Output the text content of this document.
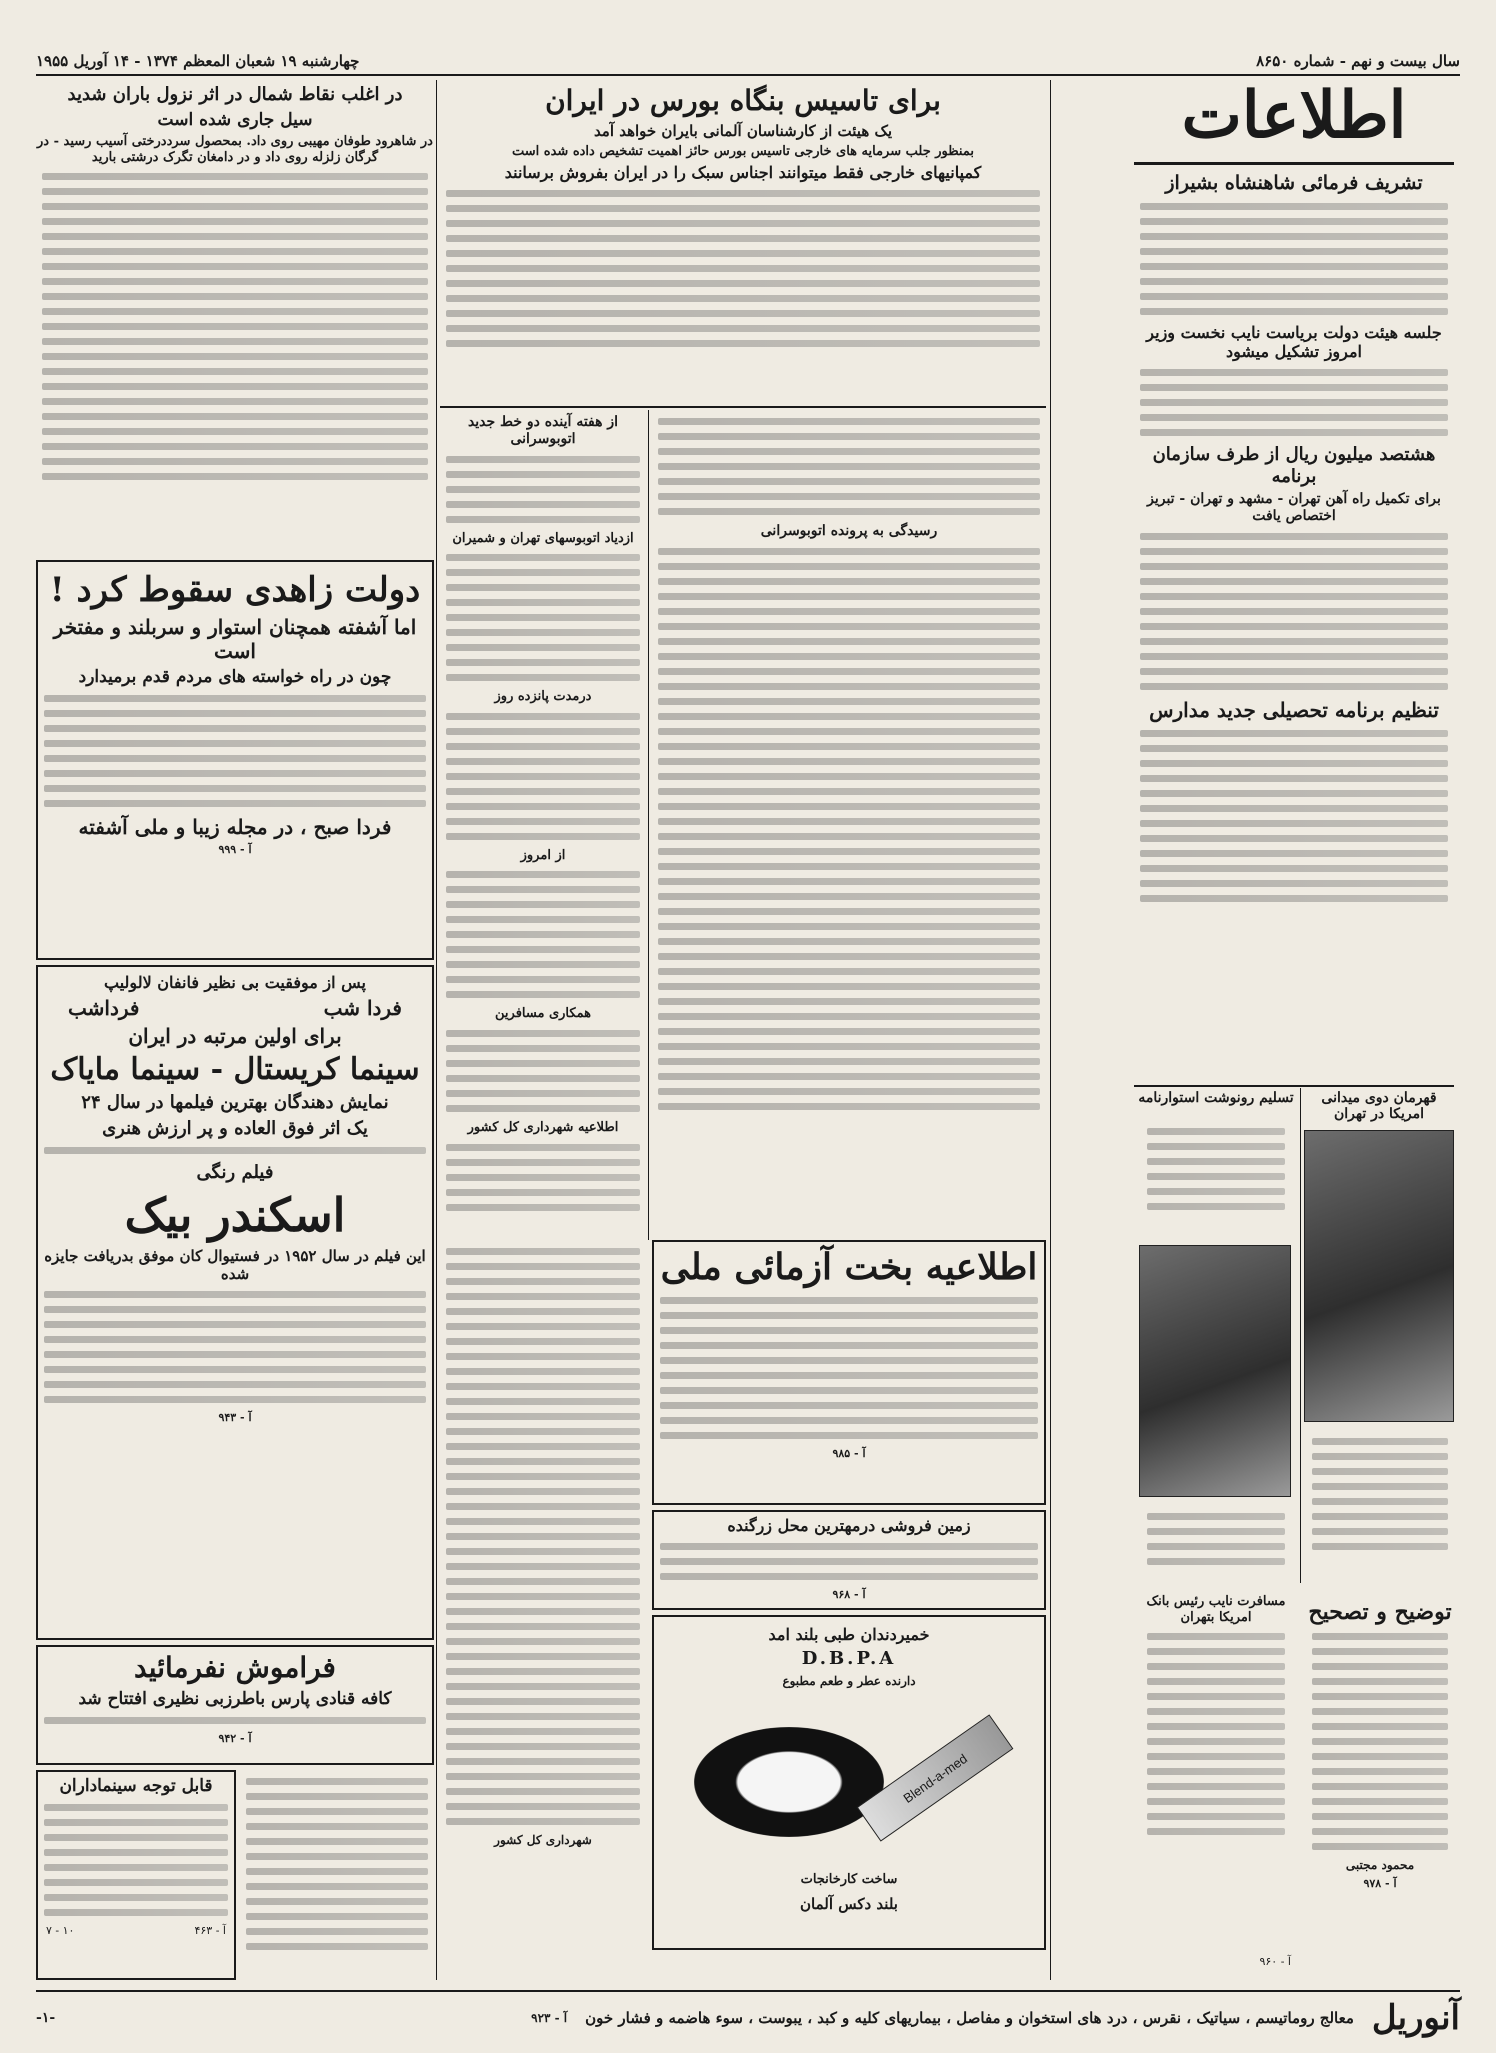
سال بیست و نهم - شماره ۸۶۵۰
چهارشنبه ۱۹ شعبان المعظم ۱۳۷۴ - ۱۴ آوریل ۱۹۵۵
اطلاعات
تشریف فرمائی شاهنشاه بشیراز
جلسه هیئت دولت بریاست نایب نخست وزیر امروز تشکیل میشود
هشتصد میلیون ریال از طرف سازمان برنامه
برای تکمیل راه آهن تهران - مشهد و تهران - تبریز اختصاص یافت
تنظیم برنامه تحصیلی جدید مدارس
قهرمان دوی میدانی امریکا در تهران
تسلیم رونوشت استوارنامه
مسافرت نایب رئیس بانک امریکا بتهران
آ - ۹۶۰
توضیح و تصحیح
محمود مجتبی
آ - ۹۷۸
برای تاسیس بنگاه بورس در ایران
یک هیئت از کارشناسان آلمانی بایران خواهد آمد
بمنظور جلب سرمایه های خارجی تاسیس بورس حائز اهمیت تشخیص داده شده است
کمپانیهای خارجی فقط میتوانند اجناس سبک را در ایران بفروش برسانند
از هفته آینده دو خط جدید اتوبوسرانی
ازدیاد اتوبوسهای تهران و شمیران
درمدت پانزده روز
از امروز
همکاری مسافرین
اطلاعیه شهرداری کل کشور
رسیدگی به پرونده اتوبوسرانی
اطلاعیه بخت آزمائی ملی
آ - ۹۸۵
زمین فروشی درمهترین محل زرگنده
آ - ۹۶۸
شهرداری کل کشور
خمیردندان طبی بلند امد
D.B.P.A
دارنده عطر و طعم مطبوع
Blend-a-med
ساخت کارخانجات
بلند دکس آلمان
در اغلب نقاط شمال در اثر نزول باران شدید
سیل جاری شده است
در شاهرود طوفان مهیبی روی داد. بمحصول سرددرختی آسیب رسید - در گرگان زلزله روی داد و در دامغان تگرک درشتی بارید
دولت زاهدی سقوط کرد !
اما آشفته همچنان استوار و سربلند و مفتخر است
چون در راه خواسته های مردم قدم برمیدارد
فردا صبح ، در مجله زیبا و ملی آشفته
آ - ۹۹۹
پس از موفقیت بی نظیر فانفان لالولیپ
فردا شب
فرداشب
برای اولین مرتبه در ایران
سینما کریستال - سینما مایاک
نمایش دهندگان بهترین فیلمها در سال ۲۴
یک اثر فوق العاده و پر ارزش هنری
فیلم رنگی
اسکندر بیک
این فیلم در سال ۱۹۵۲ در فستیوال کان موفق بدریافت جایزه شده
آ - ۹۴۳
فراموش نفرمائید
کافه قنادی پارس باطرزبی نظیری افتتاح شد
آ - ۹۴۲
قابل توجه سینماداران
آ - ۴۶۳
۱۰ - ۷
آنوریل
معالج روماتیسم ، سیاتیک ، نقرس ، درد های استخوان و مفاصل ، بیماریهای کلیه و کبد ، یبوست ، سوء هاضمه و فشار خون
آ - ۹۲۳
-۱-
